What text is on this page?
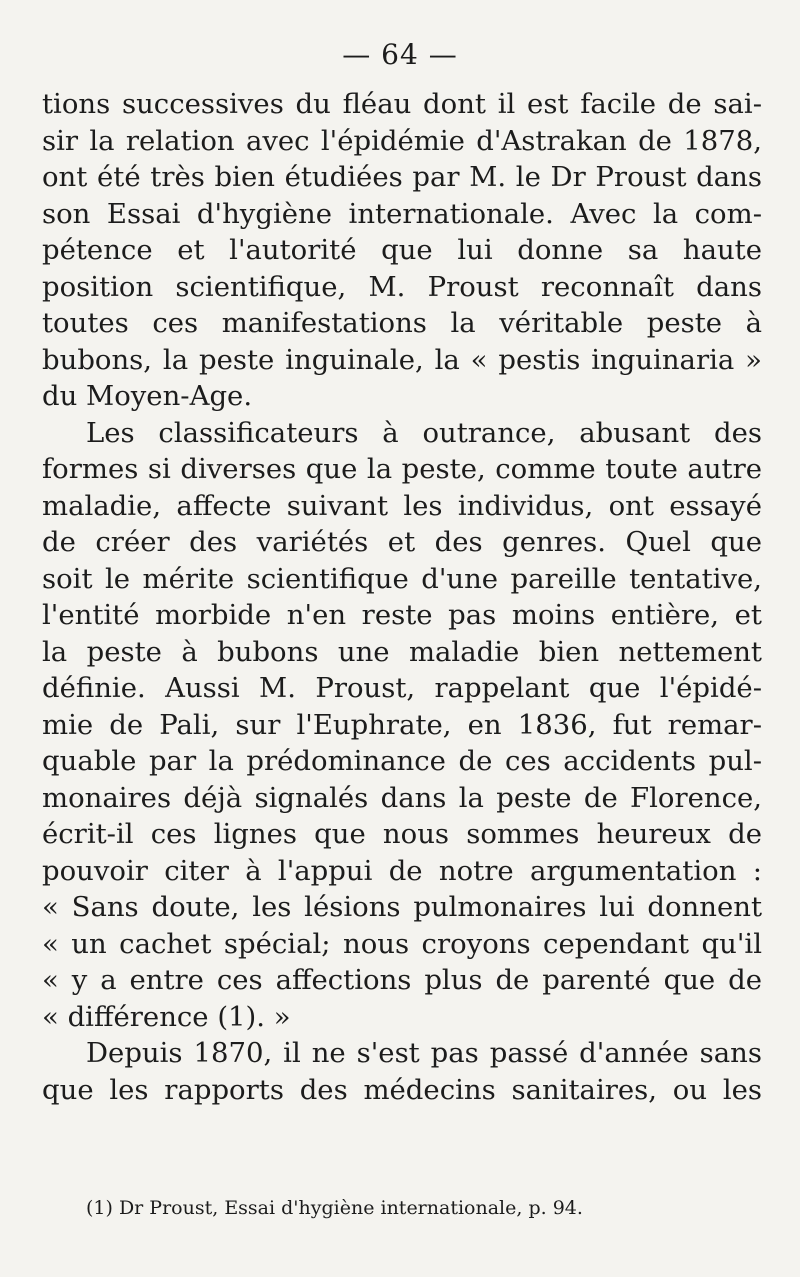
— 64 —
tions successives du fléau dont il est facile de sai-
sir la relation avec l'épidémie d'Astrakan de 1878,
ont été très bien étudiées par M. le Dr Proust dans
son Essai d'hygiène internationale. Avec la com-
pétence et l'autorité que lui donne sa haute
position scientifique, M. Proust reconnaît dans
toutes ces manifestations la véritable peste à
bubons, la peste inguinale, la « pestis inguinaria »
du Moyen-Age.
Les classificateurs à outrance, abusant des
formes si diverses que la peste, comme toute autre
maladie, affecte suivant les individus, ont essayé
de créer des variétés et des genres. Quel que
soit le mérite scientifique d'une pareille tentative,
l'entité morbide n'en reste pas moins entière, et
la peste à bubons une maladie bien nettement
définie. Aussi M. Proust, rappelant que l'épidé-
mie de Pali, sur l'Euphrate, en 1836, fut remar-
quable par la prédominance de ces accidents pul-
monaires déjà signalés dans la peste de Florence,
écrit-il ces lignes que nous sommes heureux de
pouvoir citer à l'appui de notre argumentation :
« Sans doute, les lésions pulmonaires lui donnent
« un cachet spécial; nous croyons cependant qu'il
« y a entre ces affections plus de parenté que de
« différence (1). »
Depuis 1870, il ne s'est pas passé d'année sans
que les rapports des médecins sanitaires, ou les
(1) Dr Proust, Essai d'hygiène internationale, p. 94.
